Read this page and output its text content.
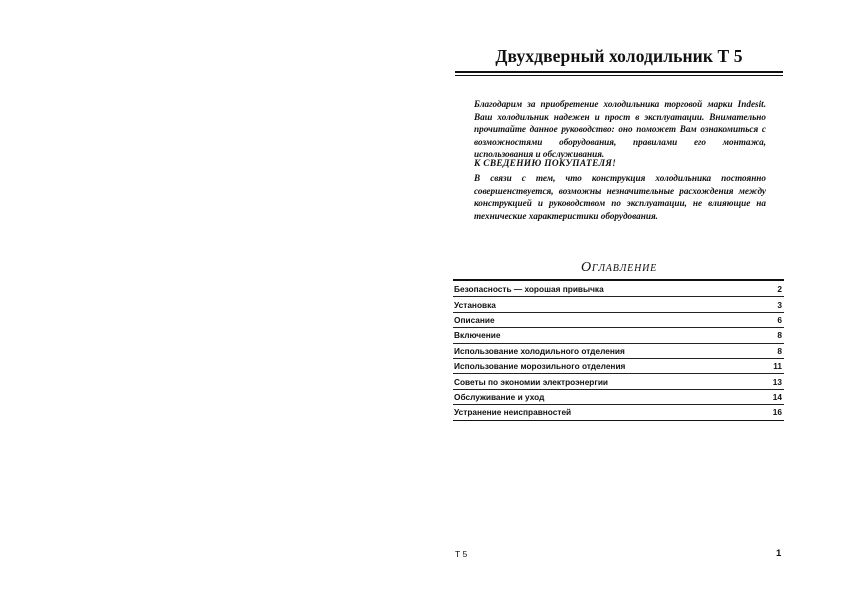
Двухдверный холодильник Т 5

Благодарим за приобретение холодильника торговой марки Indesit. Ваш холодильник надежен и прост в эксплуатации. Внимательно прочитайте данное руководство: оно поможет Вам ознакомиться с возможностями оборудования, правилами его монтажа, использования и обслуживания.

К СВЕДЕНИЮ ПОКУПАТЕЛЯ!
В связи с тем, что конструкция холодильника постоянно совершенствуется, возможны незначительные расхождения между конструкцией и руководством по эксплуатации, не влияющие на технические характеристики оборудования.
Оглавление
Безопасность — хорошая привычка	2
Установка	3
Описание	6
Включение	8
Использование холодильного отделения	8
Использование морозильного отделения	11
Советы по экономии электроэнергии	13
Обслуживание и уход	14
Устранение неисправностей	16
Т 5	1
